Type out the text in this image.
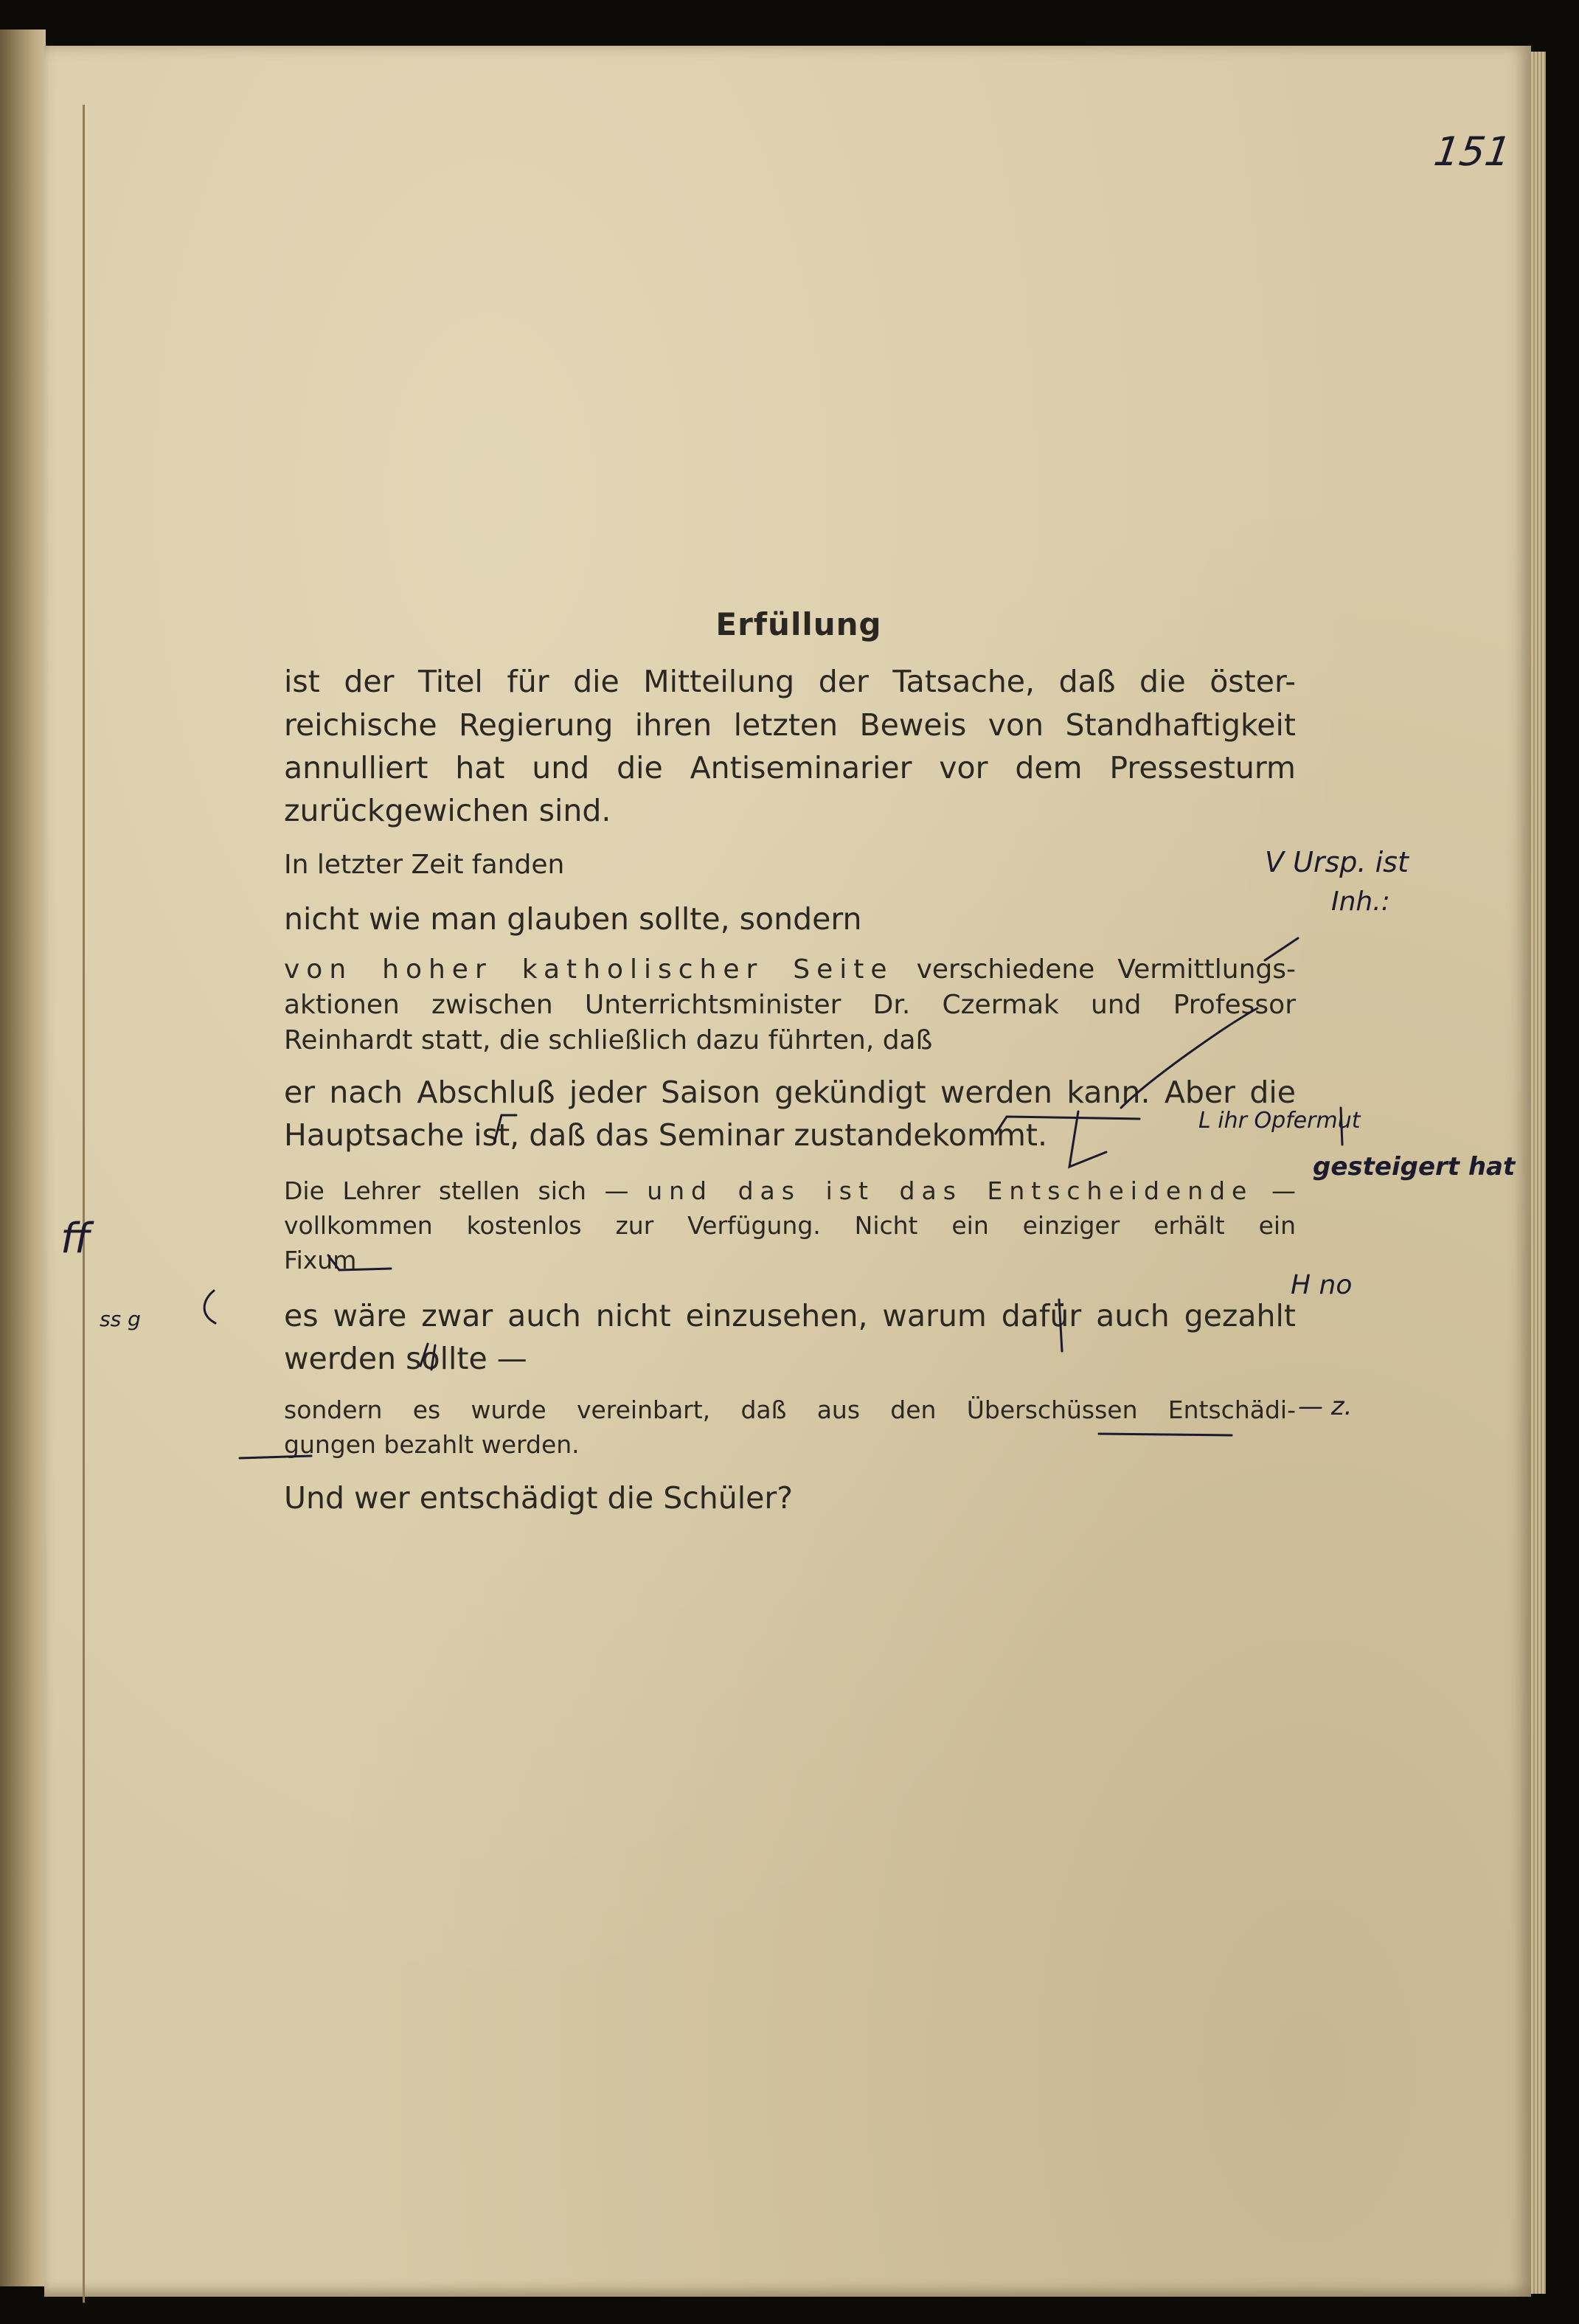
151
Erfüllung
ist der Titel für die Mitteilung der Tatsache, daß die öster-
reichische Regierung ihren letzten Beweis von Standhaftigkeit
annulliert hat und die Antiseminarier vor dem Pressesturm
zurückgewichen sind.
In letzter Zeit fanden
nicht wie man glauben sollte, sondern
von hoher katholischer Seite verschiedene Vermittlungs-
aktionen zwischen Unterrichtsminister Dr. Czermak und Professor
Reinhardt statt, die schließlich dazu führten, daß
er nach Abschluß jeder Saison gekündigt werden kann. Aber die
Hauptsache ist, daß das Seminar zustandekommt.
Die Lehrer stellen sich — und das ist das Entscheidende —
vollkommen kostenlos zur Verfügung. Nicht ein einziger erhält ein
Fixum
es wäre zwar auch nicht einzusehen, warum dafür auch gezahlt
werden sollte —
sondern es wurde vereinbart, daß aus den Überschüssen Entschädi-
gungen bezahlt werden.
Und wer entschädigt die Schüler?
V Ursp. ist
Inh.:
L ihr Opfermut
gesteigert hat
H no
— z.
ff
ss g
